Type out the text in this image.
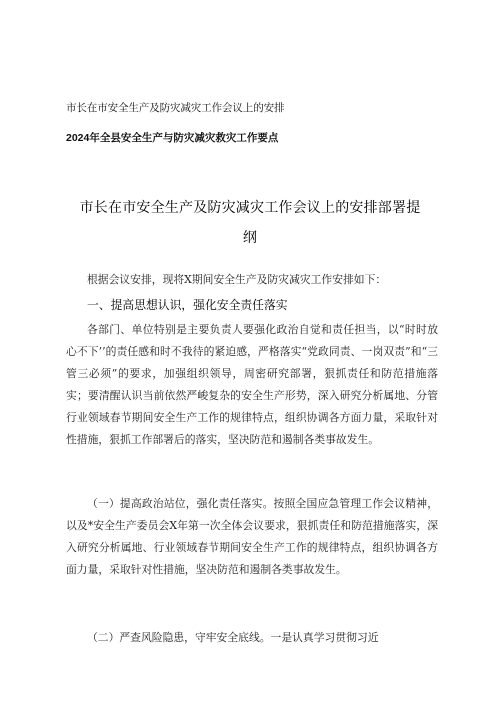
市长在市安全生产及防灾减灾工作会议上的安排
2024年全县安全生产与防灾减灾救灾工作要点
市长在市安全生产及防灾减灾工作会议上的安排部署提
纲

根据会议安排，现将X期间安全生产及防灾减灾工作安排如下：

一、提高思想认识，强化安全责任落实

各部门、单位特别是主要负责人要强化政治自觉和责任担当，以“时时放心不下’’的责任感和时不我待的紧迫感，严格落实“党政同责、一岗双责”和“三管三必须”的要求，加强组织领导，周密研究部署，狠抓责任和防范措施落实；要清醒认识当前依然严峻复杂的安全生产形势，深入研究分析属地、分管行业领域春节期间安全生产工作的规律特点，组织协调各方面力量，采取针对性措施，狠抓工作部署后的落实，坚决防范和遏制各类事故发生。

（一）提高政治站位，强化责任落实。按照全国应急管理工作会议精神，以及*安全生产委员会X年第一次全体会议要求，狠抓责任和防范措施落实，深入研究分析属地、行业领域春节期间安全生产工作的规律特点，组织协调各方面力量，采取针对性措施，坚决防范和遏制各类事故发生。

（二）严查风险隐患，守牢安全底线。一是认真学习贯彻习近
